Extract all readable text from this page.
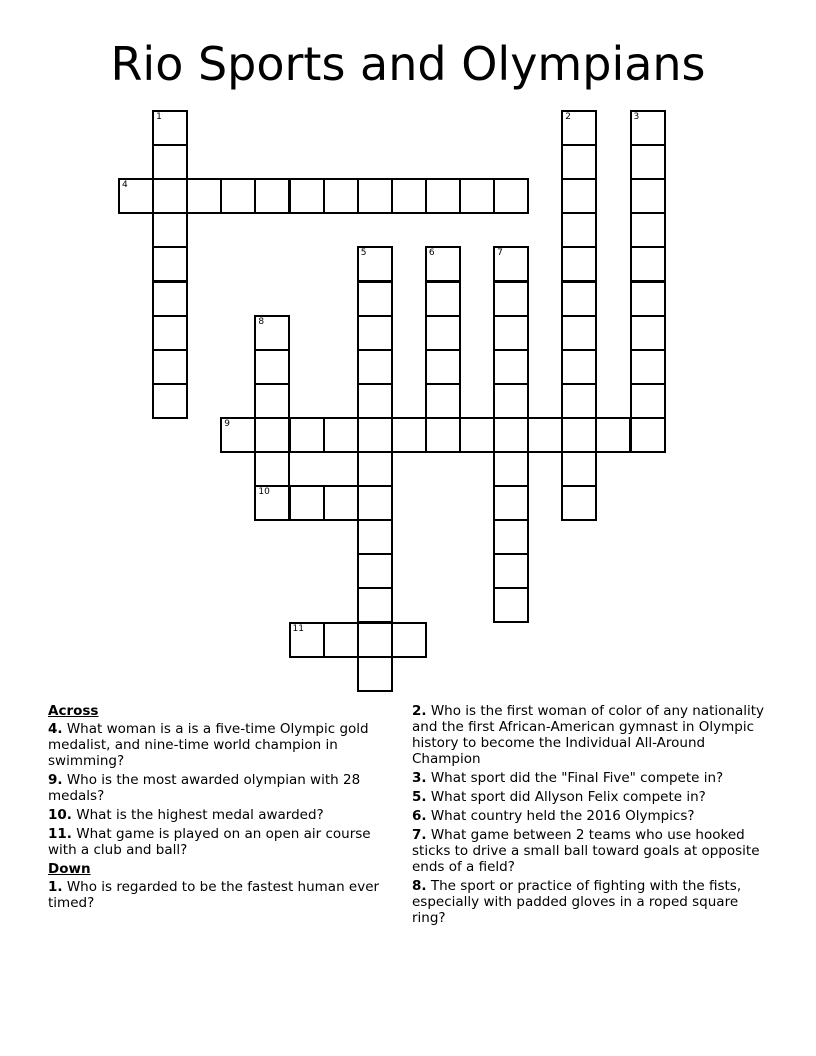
Rio Sports and Olympians
1	2	3
4
5	6	7
8
10
9
11
Across
4. What woman is a is a five-time Olympic gold medalist, and nine-time world champion in swimming?
9. Who is the most awarded olympian with 28 medals?
10. What is the highest medal awarded?
11. What game is played on an open air course with a club and ball?
Down
1. Who is regarded to be the fastest human ever timed?
2. Who is the first woman of color of any nationality and the first African-American gymnast in Olympic history to become the Individual All-Around Champion
3. What sport did the "Final Five" compete in?
5. What sport did Allyson Felix compete in?
6. What country held the 2016 Olympics?
7. What game between 2 teams who use hooked sticks to drive a small ball toward goals at opposite ends of a field?
8. The sport or practice of fighting with the fists, especially with padded gloves in a roped square ring?
